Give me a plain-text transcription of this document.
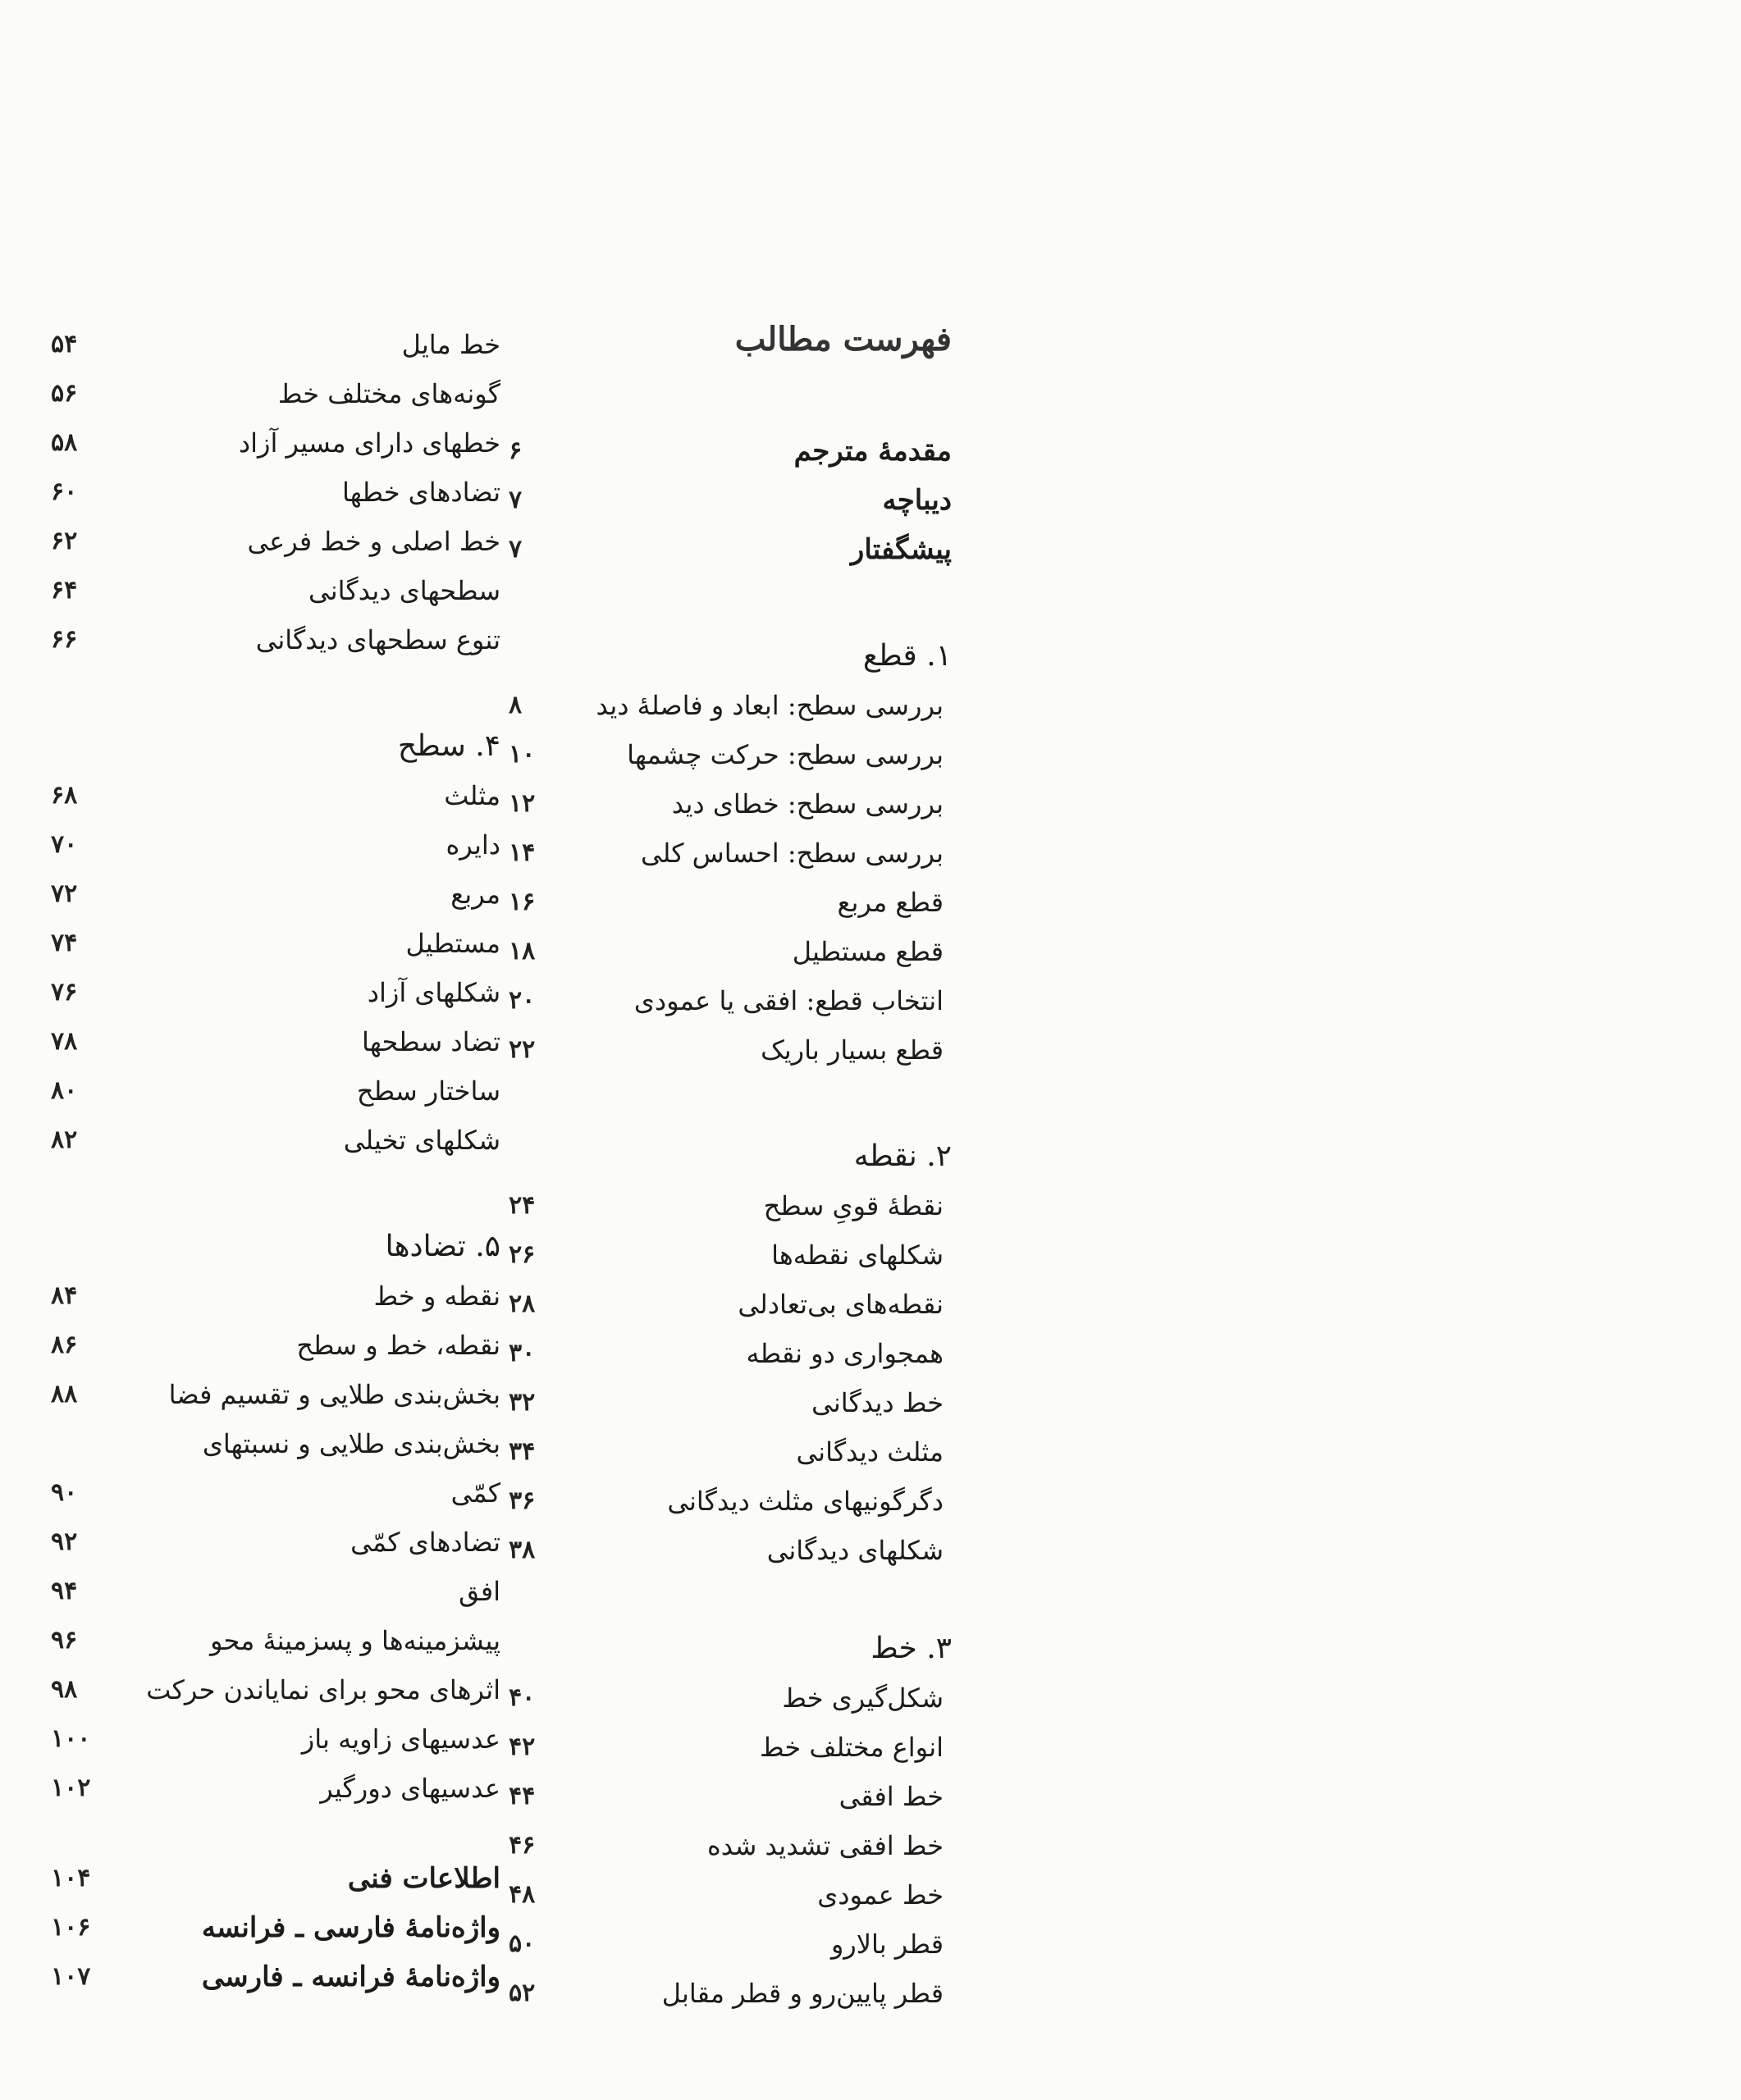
فهرست مطالب
مقدمهٔ مترجم
۶
دیباچه
۷
پیشگفتار
۷
۱. قطع
بررسی سطح: ابعاد و فاصلهٔ دید
۸
بررسی سطح: حرکت چشمها
۱۰
بررسی سطح: خطای دید
۱۲
بررسی سطح: احساس کلی
۱۴
قطع مربع
۱۶
قطع مستطیل
۱۸
انتخاب قطع: افقی یا عمودی
۲۰
قطع بسیار باریک
۲۲
۲. نقطه
نقطهٔ قویِ سطح
۲۴
شکلهای نقطه‌ها
۲۶
نقطه‌های بی‌تعادلی
۲۸
همجواری دو نقطه
۳۰
خط دیدگانی
۳۲
مثلث دیدگانی
۳۴
دگرگونیهای مثلث دیدگانی
۳۶
شکلهای دیدگانی
۳۸
۳. خط
شکل‌گیری خط
۴۰
انواع مختلف خط
۴۲
خط افقی
۴۴
خط افقی تشدید شده
۴۶
خط عمودی
۴۸
قطر بالارو
۵۰
قطر پایین‌رو و قطر مقابل
۵۲
خط مایل
۵۴
گونه‌های مختلف خط
۵۶
خطهای دارای مسیر آزاد
۵۸
تضادهای خطها
۶۰
خط اصلی و خط فرعی
۶۲
سطحهای دیدگانی
۶۴
تنوع سطحهای دیدگانی
۶۶
۴. سطح
مثلث
۶۸
دایره
۷۰
مربع
۷۲
مستطیل
۷۴
شکلهای آزاد
۷۶
تضاد سطحها
۷۸
ساختار سطح
۸۰
شکلهای تخیلی
۸۲
۵. تضادها
نقطه و خط
۸۴
نقطه، خط و سطح
۸۶
بخش‌بندی طلایی و تقسیم فضا
۸۸
بخش‌بندی طلایی و نسبتهای
کمّی
۹۰
تضادهای کمّی
۹۲
افق
۹۴
پیشزمینه‌ها و پسزمینهٔ محو
۹۶
اثرهای محو برای نمایاندن حرکت
۹۸
عدسیهای زاویه باز
۱۰۰
عدسیهای دورگیر
۱۰۲
اطلاعات فنی
۱۰۴
واژه‌نامهٔ فارسی ـ فرانسه
۱۰۶
واژه‌نامهٔ فرانسه ـ فارسی
۱۰۷
